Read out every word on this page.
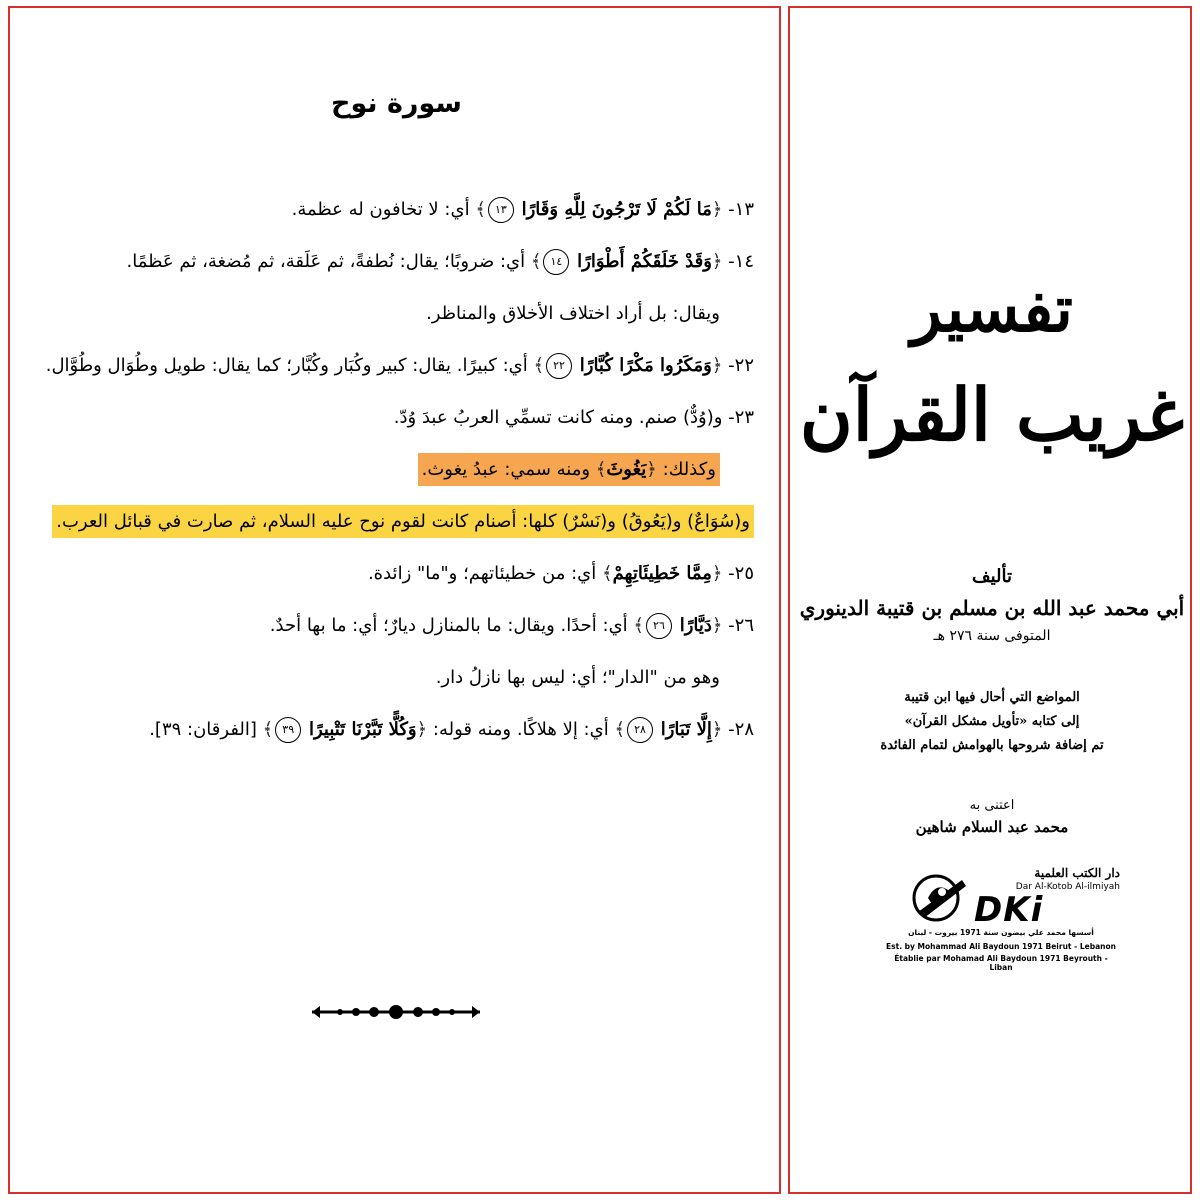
سورة نوح

١٣- ﴿مَا لَكُمْ لَا تَرْجُونَ لِلَّهِ وَقَارًا ١٣﴾ أي: لا تخافون له عظمة.

١٤- ﴿وَقَدْ خَلَقَكُمْ أَطْوَارًا ١٤﴾ أي: ضروبًا؛ يقال: نُطفةً، ثم عَلَقة، ثم مُضغة، ثم عَظمًا.

ويقال: بل أراد اختلاف الأخلاق والمناظر.

٢٢- ﴿وَمَكَرُوا مَكْرًا كُبَّارًا ٢٢﴾ أي: كبيرًا. يقال: كبير وكُبَار وكُبَّار؛ كما يقال: طويل وطُوَال وطُوَّال.

٢٣- و(وُدٌّ) صنم. ومنه كانت تسمِّي العربُ عبدَ وُدّ.

وكذلك: ﴿يَغُوثَ﴾ ومنه سمي: عبدُ يغوث.

و(سُوَاعٌ) و(يَعُوقُ) و(نَسْرٌ) كلها: أصنام كانت لقوم نوح عليه السلام، ثم صارت في قبائل العرب.

٢٥- ﴿مِمَّا خَطِيئَاتِهِمْ﴾ أي: من خطيئاتهم؛ و"ما" زائدة.

٢٦- ﴿دَيَّارًا ٢٦﴾ أي: أحدًا. ويقال: ما بالمنازل ديارٌ؛ أي: ما بها أحدٌ.

وهو من "الدار"؛ أي: ليس بها نازلُ دار.

٢٨- ﴿إِلَّا تَبَارًا ٢٨﴾ أي: إلا هلاكًا. ومنه قوله: ﴿وَكُلًّا تَبَّرْنَا تَتْبِيرًا ٣٩﴾ [الفرقان: ٣٩].

تفسير

غريب القرآن

تأليف

أبي محمد عبد الله بن مسلم بن قتيبة الدينوري

المتوفى سنة ٢٧٦ هـ

المواضع التي أحال فيها ابن قتيبة
إلى كتابه «تأويل مشكل القرآن»
تم إضافة شروحها بالهوامش لتمام الفائدة

اعتنى به

محمد عبد السلام شاهين

دار الكتب العلمية

Dar Al-Kotob Al-ilmiyah

DKi

أسسها محمد علي بيضون سنة 1971 بيروت - لبنان

Est. by Mohammad Ali Baydoun 1971 Beirut - Lebanon

Établie par Mohamad Ali Baydoun 1971 Beyrouth - Liban
